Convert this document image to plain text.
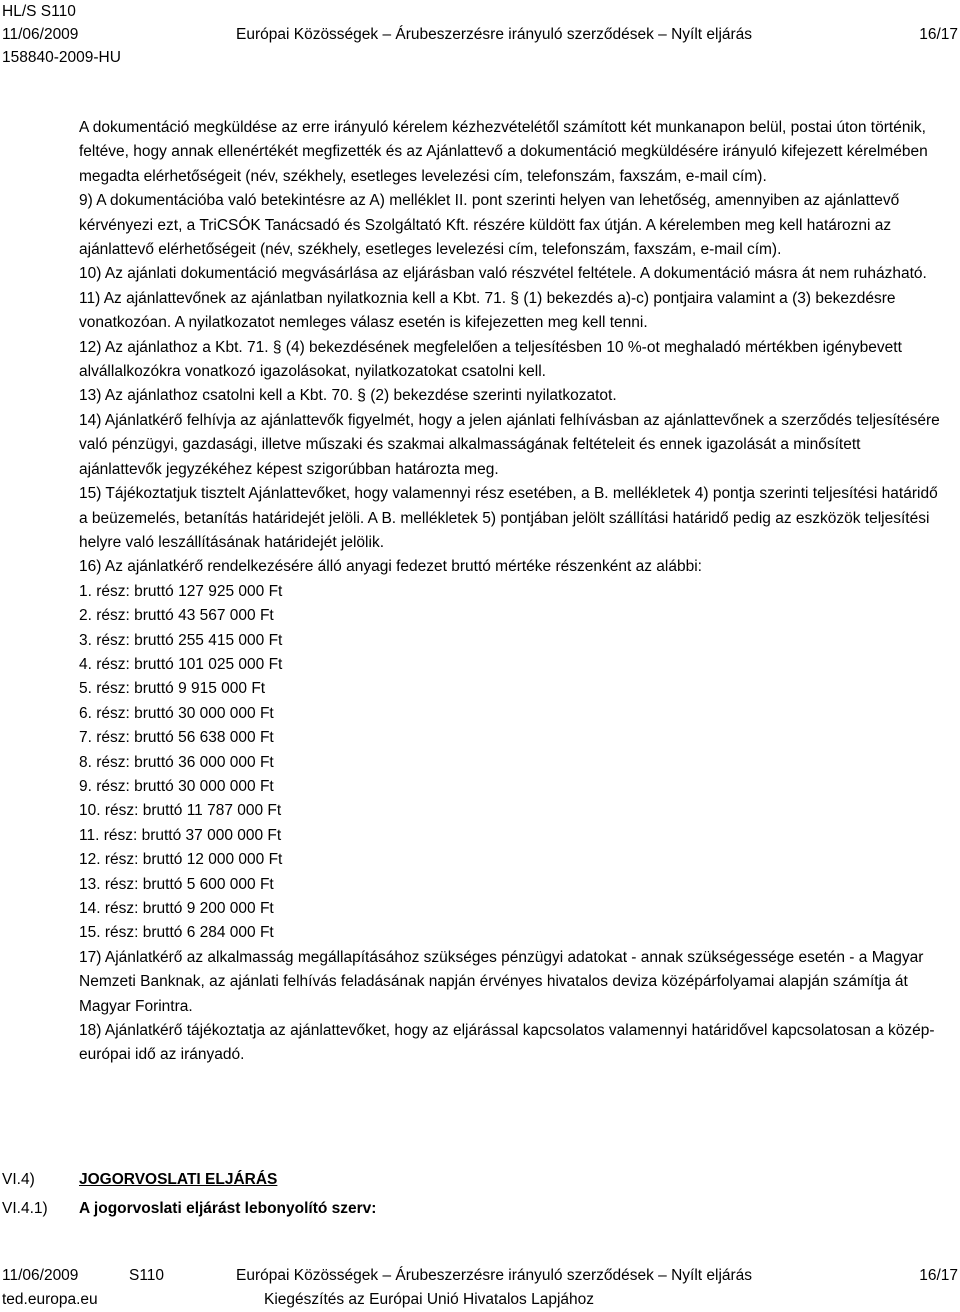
HL/S S110
11/06/2009	Európai Közösségek – Árubeszerzésre irányuló szerződések – Nyílt eljárás	16/17
158840-2009-HU

A dokumentáció megküldése az erre irányuló kérelem kézhezvételétől számított két munkanapon belül, postai úton történik, feltéve, hogy annak ellenértékét megfizették és az Ajánlattevő a dokumentáció megküldésére irányuló kifejezett kérelmében megadta elérhetőségeit (név, székhely, esetleges levelezési cím, telefonszám, faxszám, e-mail cím).

9) A dokumentációba való betekintésre az A) melléklet II. pont szerinti helyen van lehetőség, amennyiben az ajánlattevő kérvényezi ezt, a TriCSÓK Tanácsadó és Szolgáltató Kft. részére küldött fax útján. A kérelemben meg kell határozni az ajánlattevő elérhetőségeit (név, székhely, esetleges levelezési cím, telefonszám, faxszám, e-mail cím).

10) Az ajánlati dokumentáció megvásárlása az eljárásban való részvétel feltétele. A dokumentáció másra át nem ruházható.

11) Az ajánlattevőnek az ajánlatban nyilatkoznia kell a Kbt. 71. § (1) bekezdés a)-c) pontjaira valamint a (3) bekezdésre vonatkozóan. A nyilatkozatot nemleges válasz esetén is kifejezetten meg kell tenni.

12) Az ajánlathoz a Kbt. 71. § (4) bekezdésének megfelelően a teljesítésben 10 %-ot meghaladó mértékben igénybevett alvállalkozókra vonatkozó igazolásokat, nyilatkozatokat csatolni kell.

13) Az ajánlathoz csatolni kell a Kbt. 70. § (2) bekezdése szerinti nyilatkozatot.

14) Ajánlatkérő felhívja az ajánlattevők figyelmét, hogy a jelen ajánlati felhívásban az ajánlattevőnek a szerződés teljesítésére való pénzügyi, gazdasági, illetve műszaki és szakmai alkalmasságának feltételeit és ennek igazolását a minősített ajánlattevők jegyzékéhez képest szigorúbban határozta meg.

15) Tájékoztatjuk tisztelt Ajánlattevőket, hogy valamennyi rész esetében, a B. mellékletek 4) pontja szerinti teljesítési határidő a beüzemelés, betanítás határidejét jelöli. A B. mellékletek 5) pontjában jelölt szállítási határidő pedig az eszközök teljesítési helyre való leszállításának határidejét jelölik.

16) Az ajánlatkérő rendelkezésére álló anyagi fedezet bruttó mértéke részenként az alábbi:

1. rész: bruttó 127 925 000 Ft
2. rész: bruttó 43 567 000 Ft
3. rész: bruttó 255 415 000 Ft
4. rész: bruttó 101 025 000 Ft
5. rész: bruttó 9 915 000 Ft
6. rész: bruttó 30 000 000 Ft
7. rész: bruttó 56 638 000 Ft
8. rész: bruttó 36 000 000 Ft
9. rész: bruttó 30 000 000 Ft
10. rész: bruttó 11 787 000 Ft
11. rész: bruttó 37 000 000 Ft
12. rész: bruttó 12 000 000 Ft
13. rész: bruttó 5 600 000 Ft
14. rész: bruttó 9 200 000 Ft
15. rész: bruttó 6 284 000 Ft

17) Ajánlatkérő az alkalmasság megállapításához szükséges pénzügyi adatokat - annak szükségessége esetén - a Magyar Nemzeti Banknak, az ajánlati felhívás feladásának napján érvényes hivatalos deviza középárfolyamai alapján számítja át Magyar Forintra.

18) Ajánlatkérő tájékoztatja az ajánlattevőket, hogy az eljárással kapcsolatos valamennyi határidővel kapcsolatosan a közép-európai idő az irányadó.

VI.4)	JOGORVOSLATI ELJÁRÁS
VI.4.1) A jogorvoslati eljárást lebonyolító szerv:
11/06/2009	S110	Európai Közösségek – Árubeszerzésre irányuló szerződések – Nyílt eljárás	16/17
ted.europa.eu	Kiegészítés az Európai Unió Hivatalos Lapjához
